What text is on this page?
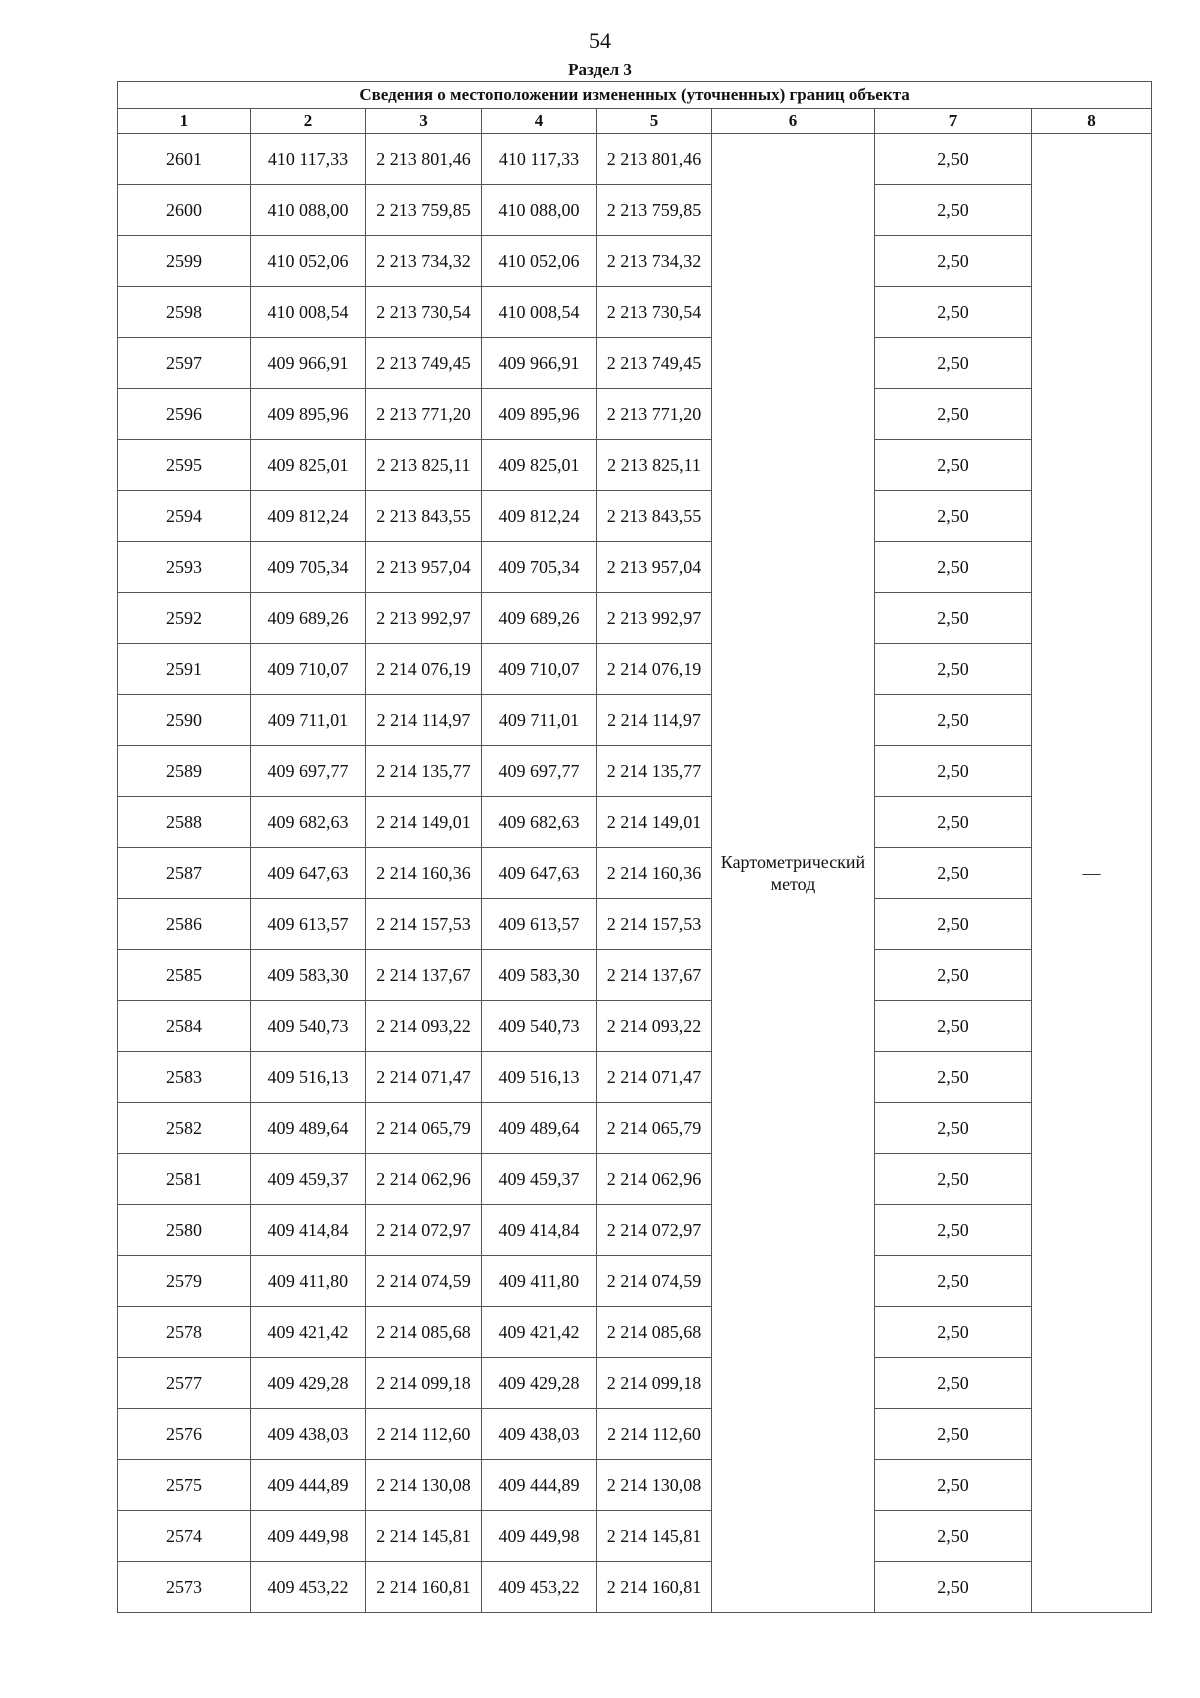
54
Раздел 3
Сведения о местоположении измененных (уточненных) границ объекта							
1	2	3	4	5	6	7	8
2601	410 117,33	2 213 801,46	410 117,33	2 213 801,46	Картометрический метод	2,50	—
2600	410 088,00	2 213 759,85	410 088,00	2 213 759,85		2,50	
2599	410 052,06	2 213 734,32	410 052,06	2 213 734,32		2,50	
2598	410 008,54	2 213 730,54	410 008,54	2 213 730,54		2,50	
2597	409 966,91	2 213 749,45	409 966,91	2 213 749,45		2,50	
2596	409 895,96	2 213 771,20	409 895,96	2 213 771,20		2,50	
2595	409 825,01	2 213 825,11	409 825,01	2 213 825,11		2,50	
2594	409 812,24	2 213 843,55	409 812,24	2 213 843,55		2,50	
2593	409 705,34	2 213 957,04	409 705,34	2 213 957,04		2,50	
2592	409 689,26	2 213 992,97	409 689,26	2 213 992,97		2,50	
2591	409 710,07	2 214 076,19	409 710,07	2 214 076,19		2,50	
2590	409 711,01	2 214 114,97	409 711,01	2 214 114,97		2,50	
2589	409 697,77	2 214 135,77	409 697,77	2 214 135,77		2,50	
2588	409 682,63	2 214 149,01	409 682,63	2 214 149,01		2,50	
2587	409 647,63	2 214 160,36	409 647,63	2 214 160,36		2,50	
2586	409 613,57	2 214 157,53	409 613,57	2 214 157,53		2,50	
2585	409 583,30	2 214 137,67	409 583,30	2 214 137,67		2,50	
2584	409 540,73	2 214 093,22	409 540,73	2 214 093,22		2,50	
2583	409 516,13	2 214 071,47	409 516,13	2 214 071,47		2,50	
2582	409 489,64	2 214 065,79	409 489,64	2 214 065,79		2,50	
2581	409 459,37	2 214 062,96	409 459,37	2 214 062,96		2,50	
2580	409 414,84	2 214 072,97	409 414,84	2 214 072,97		2,50	
2579	409 411,80	2 214 074,59	409 411,80	2 214 074,59		2,50	
2578	409 421,42	2 214 085,68	409 421,42	2 214 085,68		2,50	
2577	409 429,28	2 214 099,18	409 429,28	2 214 099,18		2,50	
2576	409 438,03	2 214 112,60	409 438,03	2 214 112,60		2,50	
2575	409 444,89	2 214 130,08	409 444,89	2 214 130,08		2,50	
2574	409 449,98	2 214 145,81	409 449,98	2 214 145,81		2,50	
2573	409 453,22	2 214 160,81	409 453,22	2 214 160,81		2,50	
